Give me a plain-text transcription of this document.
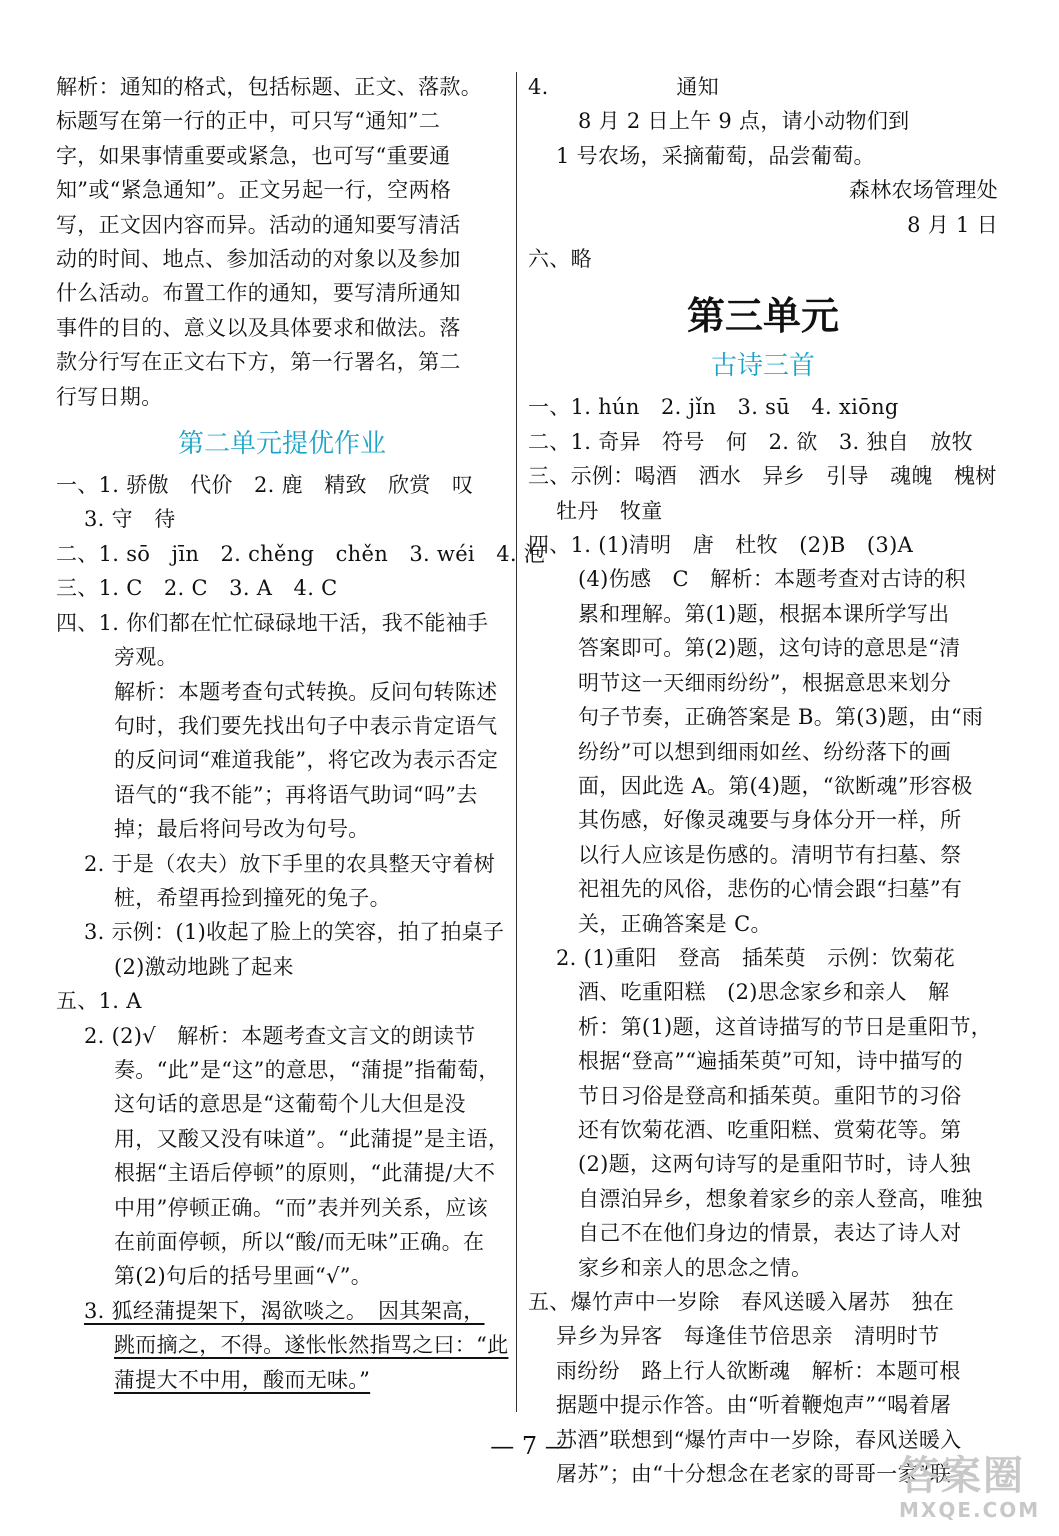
解析：通知的格式，包括标题、正文、落款。

标题写在第一行的正中，可只写“通知”二

字，如果事情重要或紧急，也可写“重要通

知”或“紧急通知”。正文另起一行，空两格

写，正文因内容而异。活动的通知要写清活

动的时间、地点、参加活动的对象以及参加

什么活动。布置工作的通知，要写清所通知

事件的目的、意义以及具体要求和做法。落

款分行写在正文右下方，第一行署名，第二

行写日期。

第二单元提优作业

一、1. 骄傲　代价　2. 鹿　精致　欣赏　叹

3. 守　待

二、1. sō　jīn　2. chěng　chěn　3. wéi　4. 泡

三、1. C　2. C　3. A　4. C

四、1. 你们都在忙忙碌碌地干活，我不能袖手

旁观。

解析：本题考查句式转换。反问句转陈述

句时，我们要先找出句子中表示肯定语气

的反问词“难道我能”，将它改为表示否定

语气的“我不能”；再将语气助词“吗”去

掉；最后将问号改为句号。

2. 于是（农夫）放下手里的农具整天守着树

桩，希望再捡到撞死的兔子。

3. 示例：(1)收起了脸上的笑容，拍了拍桌子

(2)激动地跳了起来

五、1. A

2. (2)√　解析：本题考查文言文的朗读节

奏。“此”是“这”的意思，“蒲提”指葡萄，

这句话的意思是“这葡萄个儿大但是没

用，又酸又没有味道”。“此蒲提”是主语，

根据“主语后停顿”的原则，“此蒲提/大不

中用”停顿正确。“而”表并列关系，应该

在前面停顿，所以“酸/而无味”正确。在

第(2)句后的括号里画“√”。

3. 狐经蒲提架下，渴欲啖之。　因其架高，

跳而摘之，不得。遂怅怅然指骂之曰：“此

蒲提大不中用，酸而无味。”

4.　　　　　　通知

8 月 2 日上午 9 点，请小动物们到

1 号农场，采摘葡萄，品尝葡萄。

森林农场管理处

8 月 1 日　

六、略

第三单元
古诗三首

一、1. hún　2. jǐn　3. sū　4. xiōng

二、1. 奇异　符号　何　2. 欲　3. 独自　放牧

三、示例：喝酒　洒水　异乡　引导　魂魄　槐树

牡丹　牧童

四、1. (1)清明　唐　杜牧　(2)B　(3)A

(4)伤感　C　解析：本题考查对古诗的积

累和理解。第(1)题，根据本课所学写出

答案即可。第(2)题，这句诗的意思是“清

明节这一天细雨纷纷”，根据意思来划分

句子节奏，正确答案是 B。第(3)题，由“雨

纷纷”可以想到细雨如丝、纷纷落下的画

面，因此选 A。第(4)题，“欲断魂”形容极

其伤感，好像灵魂要与身体分开一样，所

以行人应该是伤感的。清明节有扫墓、祭

祀祖先的风俗，悲伤的心情会跟“扫墓”有

关，正确答案是 C。

2. (1)重阳　登高　插茱萸　示例：饮菊花

酒、吃重阳糕　(2)思念家乡和亲人　解

析：第(1)题，这首诗描写的节日是重阳节，

根据“登高”“遍插茱萸”可知，诗中描写的

节日习俗是登高和插茱萸。重阳节的习俗

还有饮菊花酒、吃重阳糕、赏菊花等。第

(2)题，这两句诗写的是重阳节时，诗人独

自漂泊异乡，想象着家乡的亲人登高，唯独

自己不在他们身边的情景，表达了诗人对

家乡和亲人的思念之情。

五、爆竹声中一岁除　春风送暖入屠苏　独在

异乡为异客　每逢佳节倍思亲　清明时节

雨纷纷　路上行人欲断魂　解析：本题可根

据题中提示作答。由“听着鞭炮声”“喝着屠

苏酒”联想到“爆竹声中一岁除，春风送暖入

屠苏”；由“十分想念在老家的哥哥一家”联

— 7 —
答案圈
MXQE.COM
